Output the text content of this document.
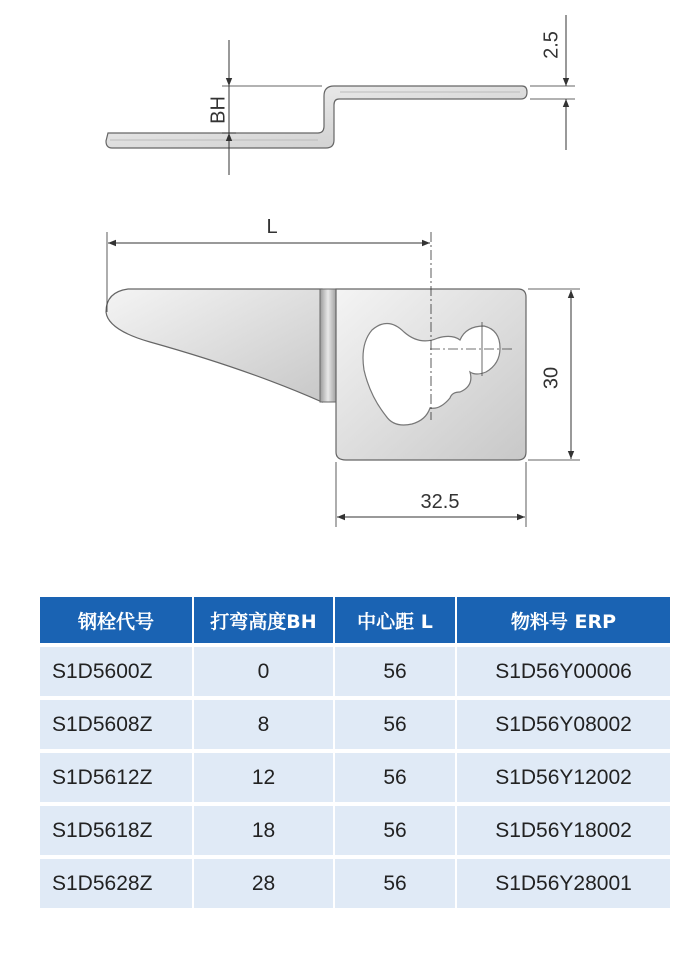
BH
2.5
L
30
32.5
钢栓代号	打弯高度BH	中心距 L	物料号 ERP
S1D5600Z	0	56	S1D56Y00006
S1D5608Z	8	56	S1D56Y08002
S1D5612Z	12	56	S1D56Y12002
S1D5618Z	18	56	S1D56Y18002
S1D5628Z	28	56	S1D56Y28001
